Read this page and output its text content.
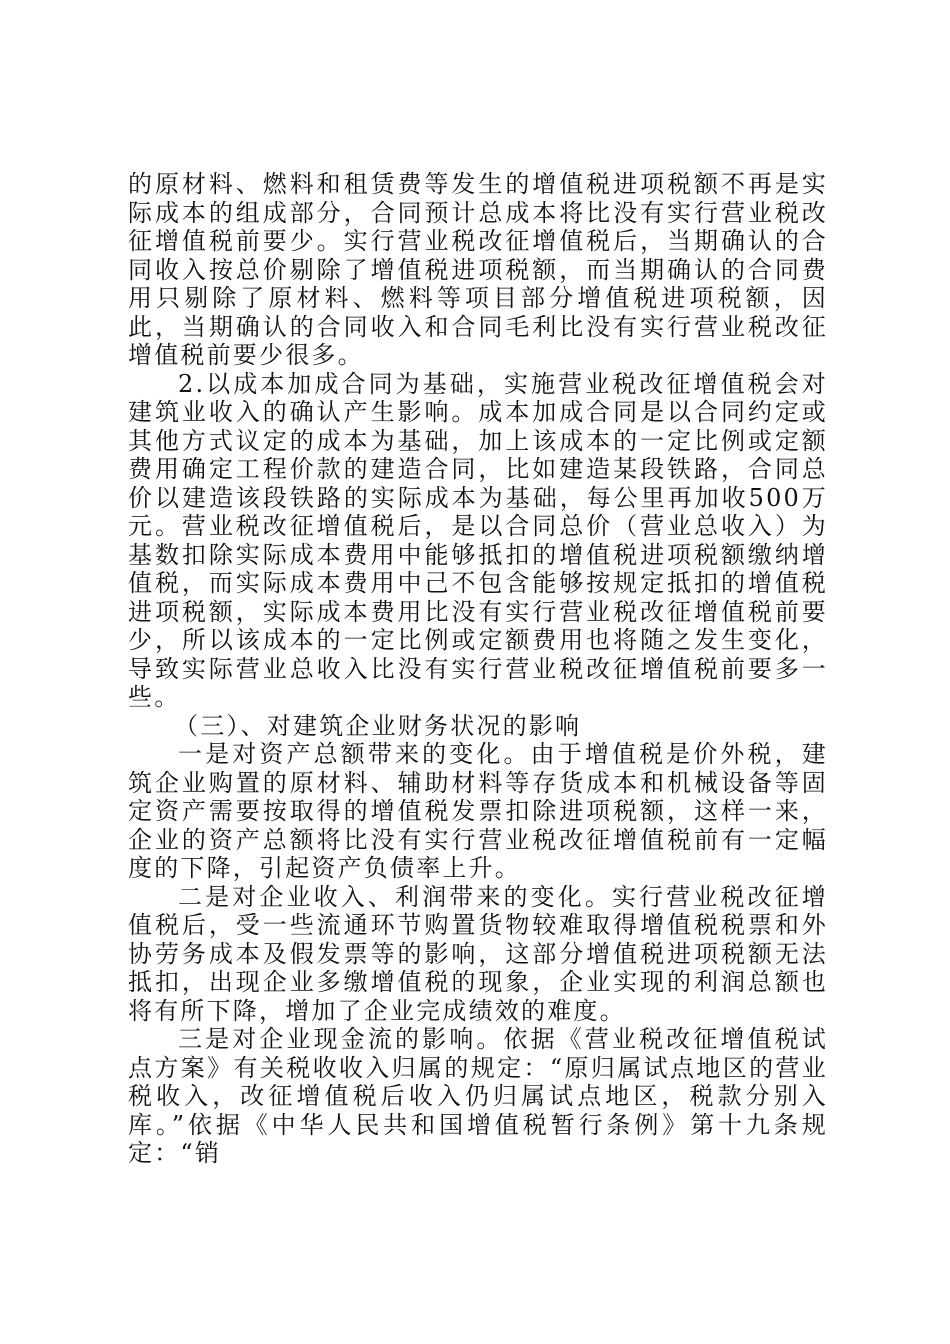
的原材料、燃料和租赁费等发生的增值税进项税额不再是实际成本的组成部分，合同预计总成本将比没有实行营业税改征增值税前要少。实行营业税改征增值税后，当期确认的合同收入按总价剔除了增值税进项税额，而当期确认的合同费用只剔除了原材料、燃料等项目部分增值税进项税额，因此，当期确认的合同收入和合同毛利比没有实行营业税改征增值税前要少很多。

2.以成本加成合同为基础，实施营业税改征增值税会对建筑业收入的确认产生影响。成本加成合同是以合同约定或其他方式议定的成本为基础，加上该成本的一定比例或定额费用确定工程价款的建造合同，比如建造某段铁路，合同总价以建造该段铁路的实际成本为基础，每公里再加收500万元。营业税改征增值税后，是以合同总价（营业总收入）为基数扣除实际成本费用中能够抵扣的增值税进项税额缴纳增值税，而实际成本费用中己不包含能够按规定抵扣的增值税进项税额，实际成本费用比没有实行营业税改征增值税前要少，所以该成本的一定比例或定额费用也将随之发生变化，导致实际营业总收入比没有实行营业税改征增值税前要多一些。

（三）、对建筑企业财务状况的影响

一是对资产总额带来的变化。由于增值税是价外税，建筑企业购置的原材料、辅助材料等存货成本和机械设备等固定资产需要按取得的增值税发票扣除进项税额，这样一来，企业的资产总额将比没有实行营业税改征增值税前有一定幅度的下降，引起资产负债率上升。

二是对企业收入、利润带来的变化。实行营业税改征增值税后，受一些流通环节购置货物较难取得增值税税票和外协劳务成本及假发票等的影响，这部分增值税进项税额无法抵扣，出现企业多缴增值税的现象，企业实现的利润总额也将有所下降，增加了企业完成绩效的难度。

三是对企业现金流的影响。依据《营业税改征增值税试点方案》有关税收收入归属的规定：“原归属试点地区的营业税收入，改征增值税后收入仍归属试点地区，税款分别入库。”依据《中华人民共和国增值税暂行条例》第十九条规定：“销
